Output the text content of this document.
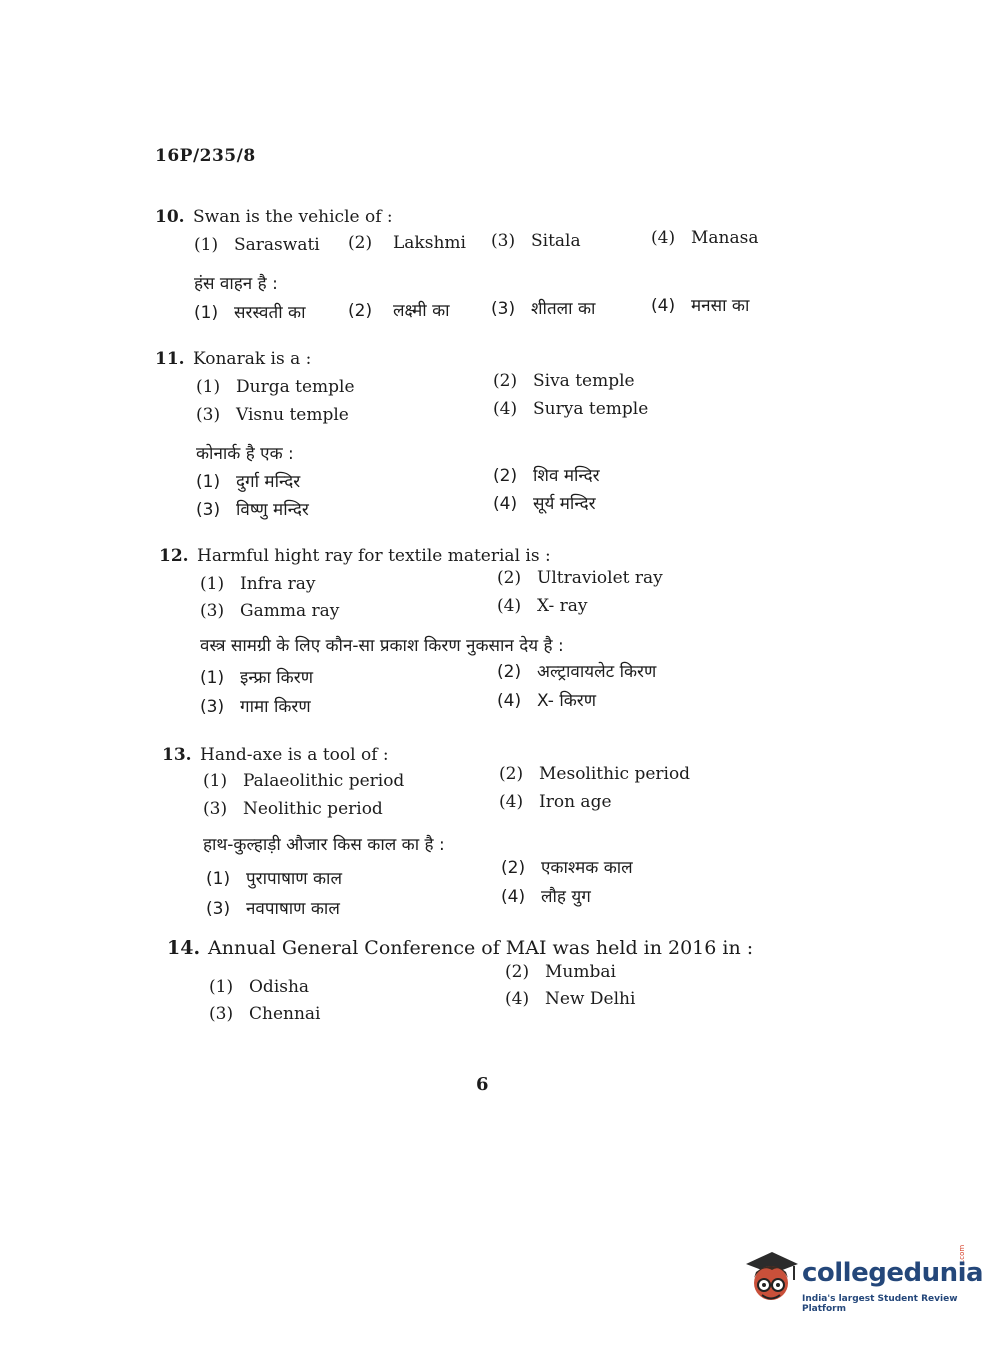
16P/235/8
10. Swan is the vehicle of :
(1) Saraswati (2) Lakshmi (3) Sitala	(4) Manasa
हंस वाहन है :
(1) सरस्वती का	(2) लक्ष्मी का (3) शीतला का	(4) मनसा का
11. Konarak is a :
(1) Durga temple	(2) Siva temple
(3) Visnu temple	(4) Surya temple
कोनार्क है एक :
(1) दुर्गा मन्दिर	(2) शिव मन्दिर
(3) विष्णु मन्दिर	(4) सूर्य मन्दिर
12. Harmful hight ray for textile material is :
(1) Infra ray	(2) Ultraviolet ray
(3) Gamma ray	(4) X- ray
वस्त्र सामग्री के लिए कौन-सा प्रकाश किरण नुकसान देय है :
(1) इन्फ्रा किरण	(2) अल्ट्रावायलेट किरण
(3) गामा किरण	(4) X- किरण
13. Hand-axe is a tool of :
(1) Palaeolithic period	(2) Mesolithic period
(3) Neolithic period	(4) Iron age
हाथ-कुल्हाड़ी औजार किस काल का है :
(1) पुरापाषाण काल
(2) एकाश्मक काल
(3) नवपाषाण काल
(4) लौह युग
14. Annual General Conference of MAI was held in 2016 in :
(1) Odisha
(2) Mumbai
(3) Chennai
(4) New Delhi
6
collegedunia
.com
India's largest Student Review Platform
